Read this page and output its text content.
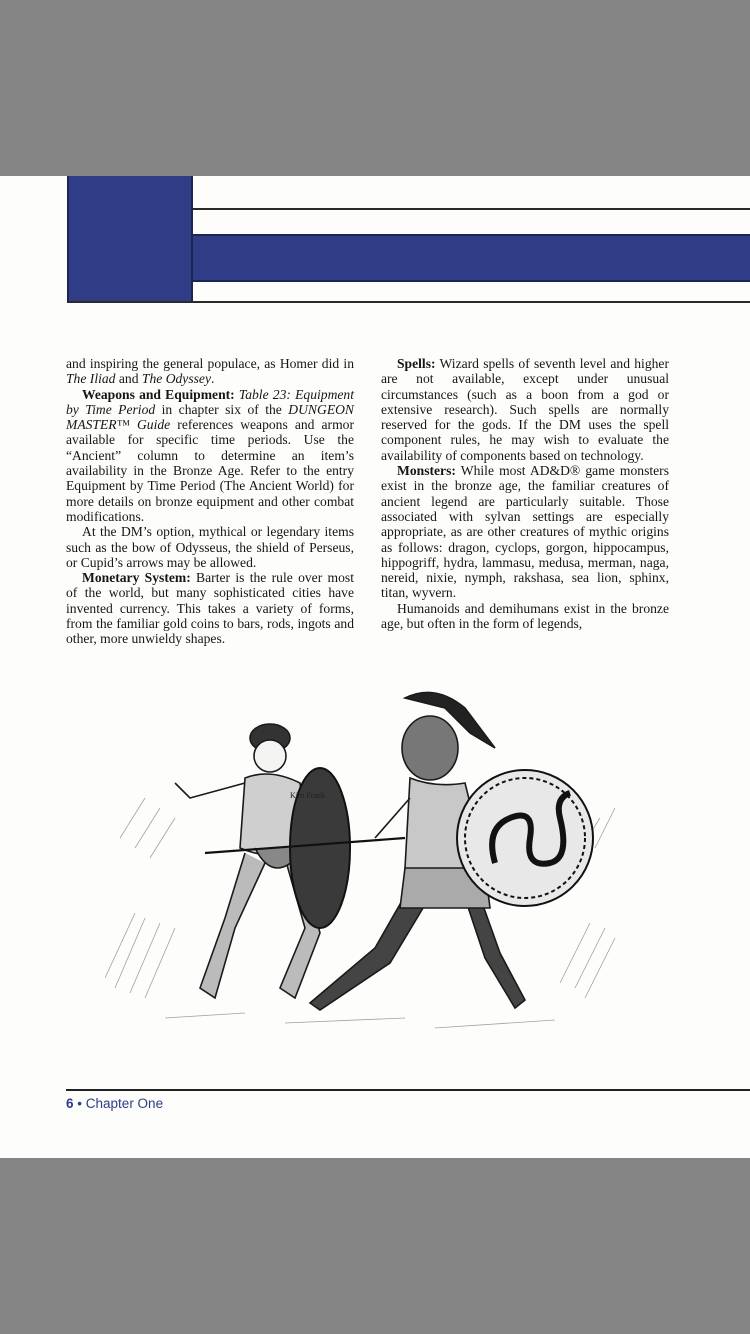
and inspiring the general populace, as Homer did in The Iliad and The Odyssey.

Weapons and Equipment: Table 23: Equipment by Time Period in chapter six of the DUNGEON MASTER™ Guide references weapons and armor available for specific time periods. Use the “Ancient” column to determine an item’s availability in the Bronze Age. Refer to the entry Equipment by Time Period (The Ancient World) for more details on bronze equipment and other combat modifications.

At the DM’s option, mythical or legendary items such as the bow of Odysseus, the shield of Perseus, or Cupid’s arrows may be allowed.

Monetary System: Barter is the rule over most of the world, but many sophisticated cities have invented currency. This takes a variety of forms, from the familiar gold coins to bars, rods, ingots and other, more unwieldy shapes.

Spells: Wizard spells of seventh level and higher are not available, except under unusual circumstances (such as a boon from a god or extensive research). Such spells are normally reserved for the gods. If the DM uses the spell component rules, he may wish to evaluate the availability of components based on technology.

Monsters: While most AD&D® game monsters exist in the bronze age, the familiar creatures of ancient legend are particularly suitable. Those associated with sylvan settings are especially appropriate, as are other creatures of mythic origins as follows: dragon, cyclops, gorgon, hippocampus, hippogriff, hydra, lammasu, medusa, merman, naga, nereid, nixie, nymph, rakshasa, sea lion, sphinx, titan, wyvern.

Humanoids and demihumans exist in the bronze age, but often in the form of legends,

Kim Frank
6 • Chapter One
